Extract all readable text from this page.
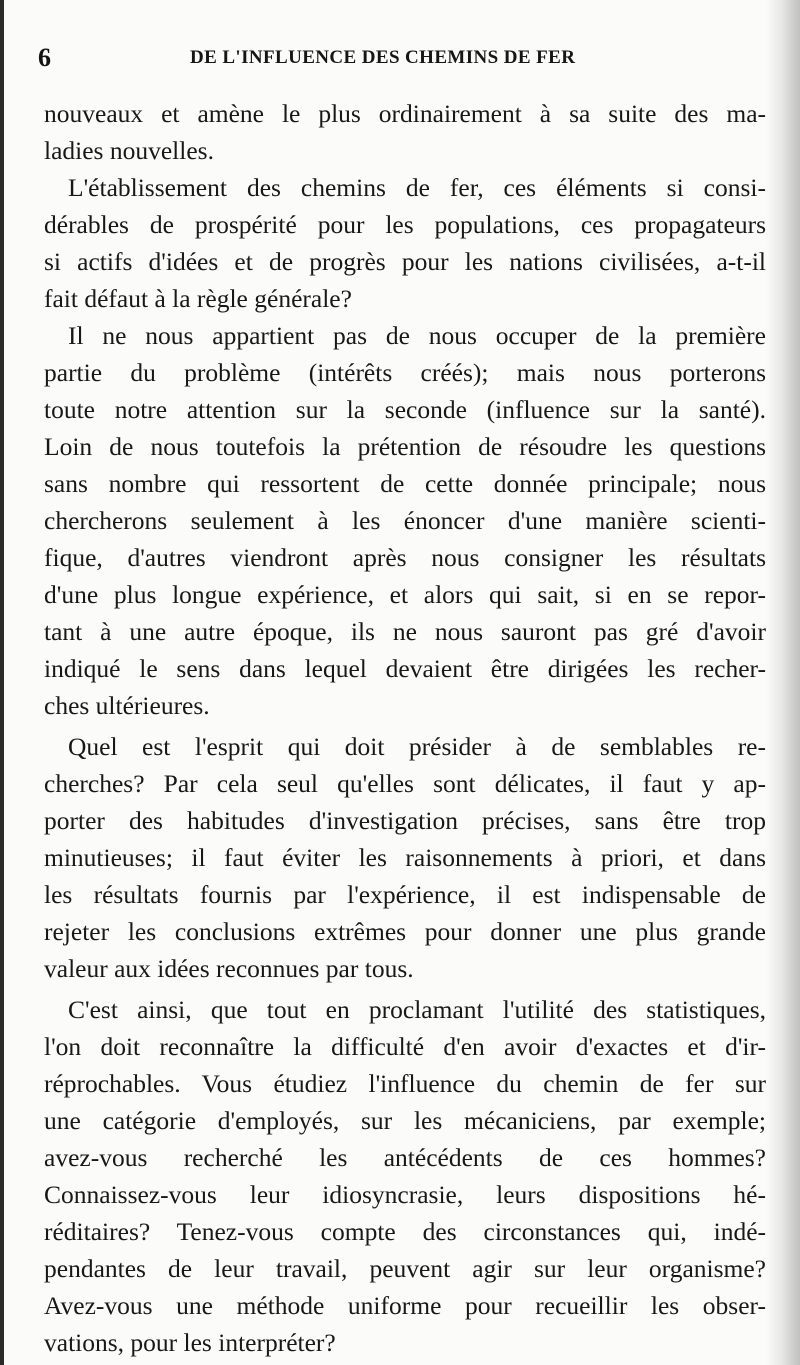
6	DE L'INFLUENCE DES CHEMINS DE FER
nouveaux et amène le plus ordinairement à sa suite des ma-
ladies nouvelles.
L'établissement des chemins de fer, ces éléments si consi-
dérables de prospérité pour les populations, ces propagateurs
si actifs d'idées et de progrès pour les nations civilisées, a-t-il
fait défaut à la règle générale?
Il ne nous appartient pas de nous occuper de la première
partie du problème (intérêts créés); mais nous porterons
toute notre attention sur la seconde (influence sur la santé).
Loin de nous toutefois la prétention de résoudre les questions
sans nombre qui ressortent de cette donnée principale; nous
chercherons seulement à les énoncer d'une manière scienti-
fique, d'autres viendront après nous consigner les résultats
d'une plus longue expérience, et alors qui sait, si en se repor-
tant à une autre époque, ils ne nous sauront pas gré d'avoir
indiqué le sens dans lequel devaient être dirigées les recher-
ches ultérieures.
Quel est l'esprit qui doit présider à de semblables re-
cherches? Par cela seul qu'elles sont délicates, il faut y ap-
porter des habitudes d'investigation précises, sans être trop
minutieuses; il faut éviter les raisonnements à priori, et dans
les résultats fournis par l'expérience, il est indispensable de
rejeter les conclusions extrêmes pour donner une plus grande
valeur aux idées reconnues par tous.
C'est ainsi, que tout en proclamant l'utilité des statistiques,
l'on doit reconnaître la difficulté d'en avoir d'exactes et d'ir-
réprochables. Vous étudiez l'influence du chemin de fer sur
une catégorie d'employés, sur les mécaniciens, par exemple;
avez-vous recherché les antécédents de ces hommes?
Connaissez-vous leur idiosyncrasie, leurs dispositions hé-
réditaires? Tenez-vous compte des circonstances qui, indé-
pendantes de leur travail, peuvent agir sur leur organisme?
Avez-vous une méthode uniforme pour recueillir les obser-
vations, pour les interpréter?
